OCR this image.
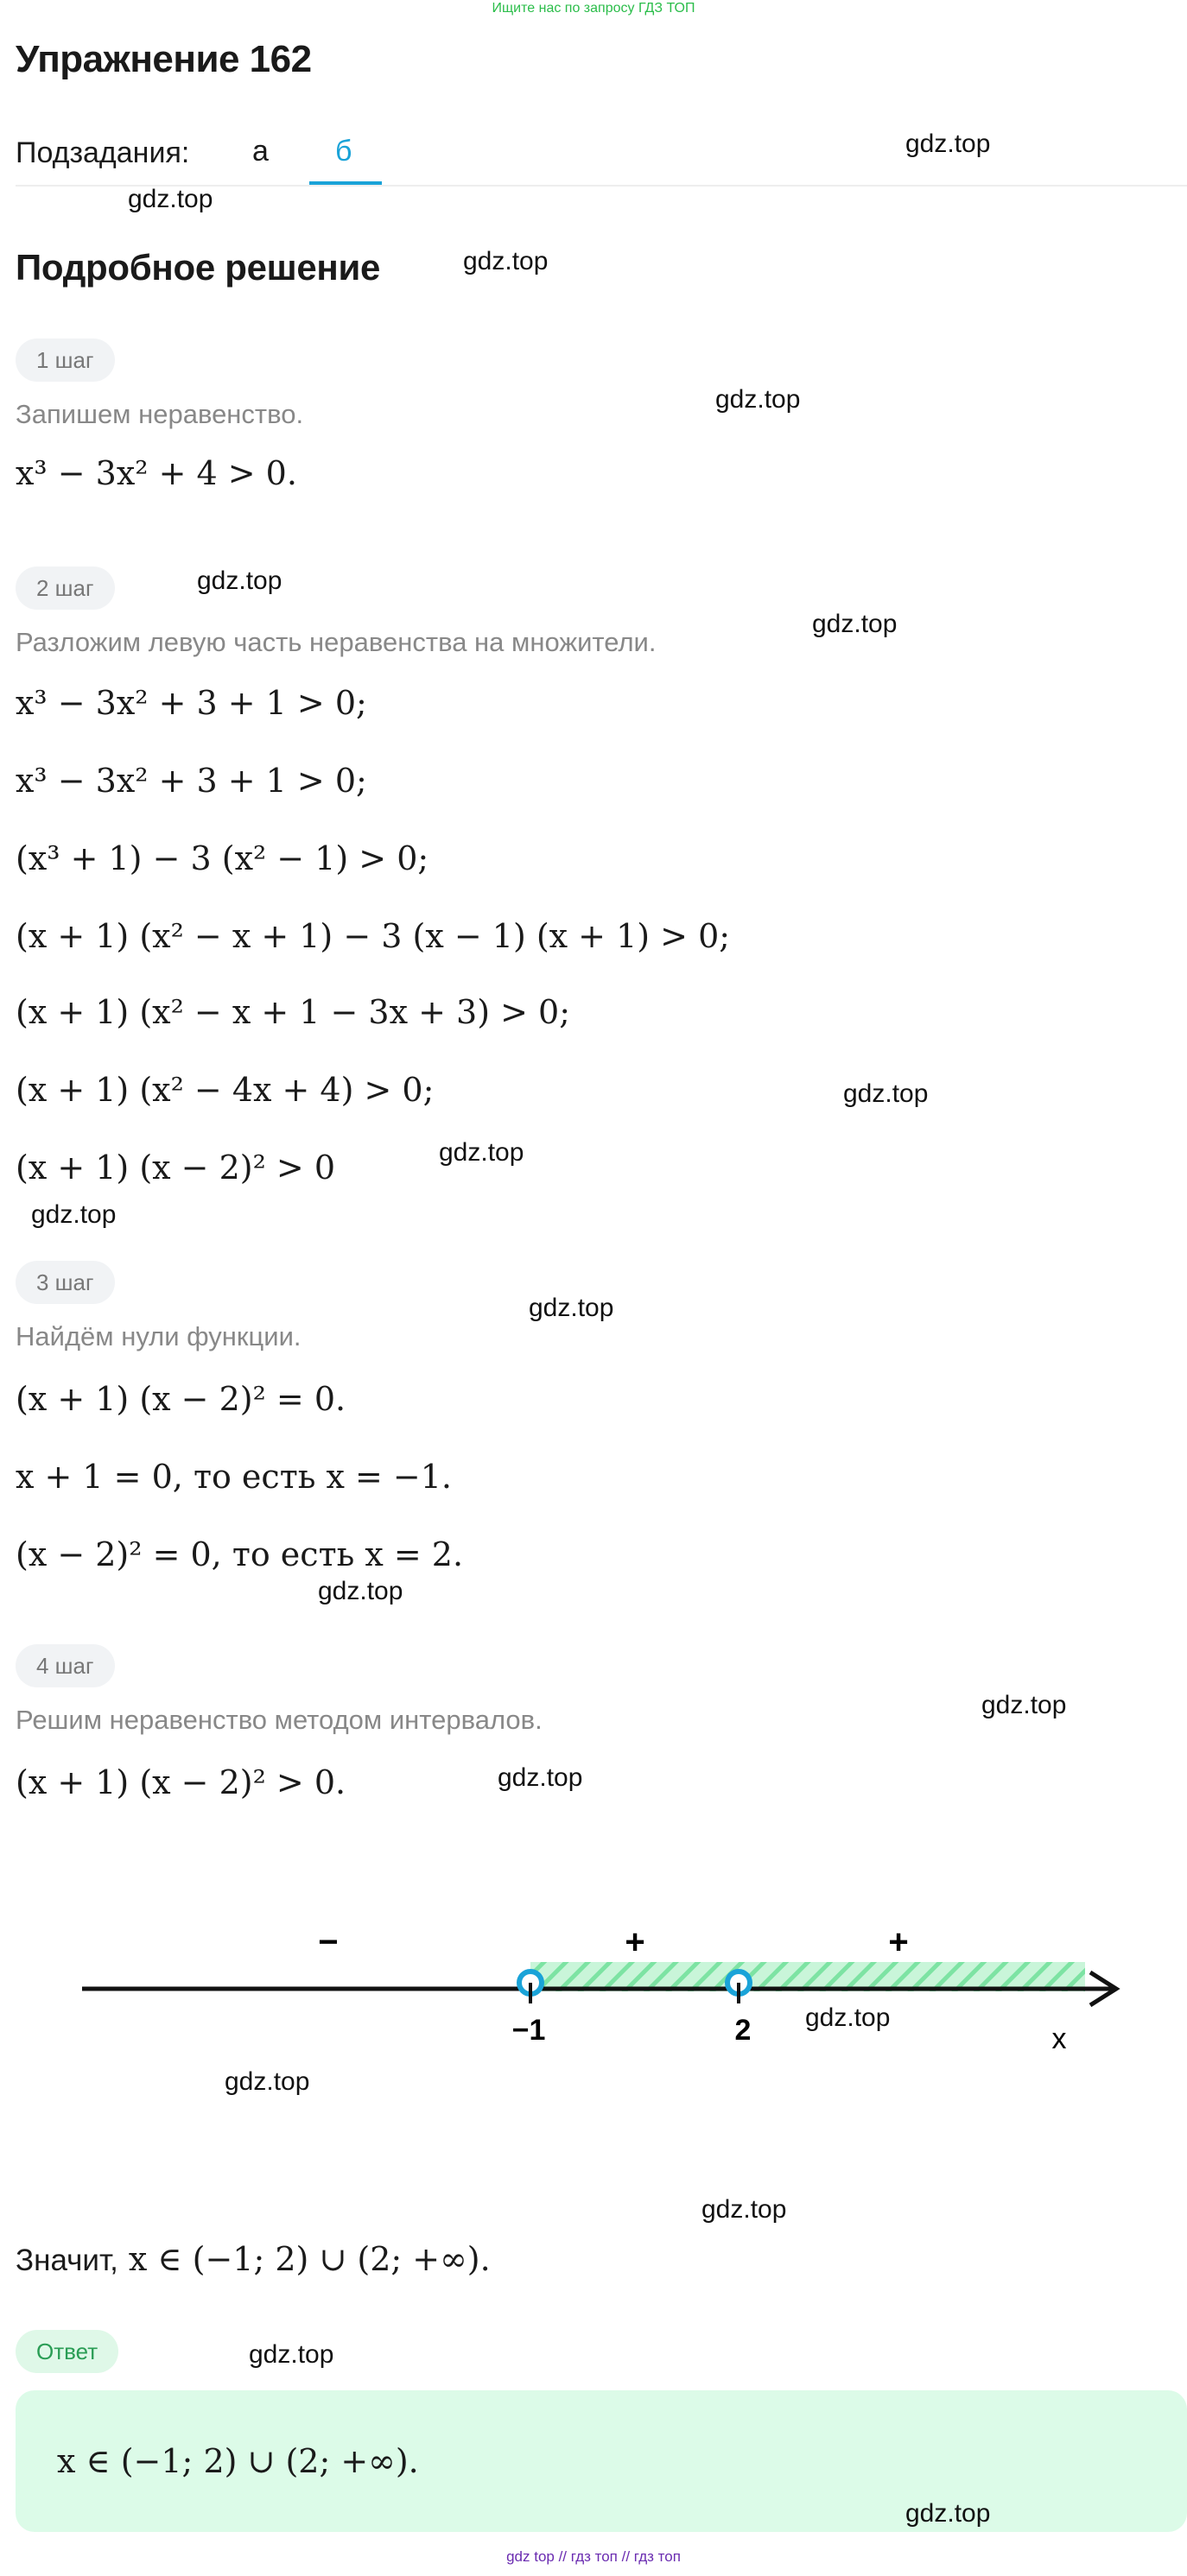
Ищите нас по запросу ГДЗ ТОП
Упражнение 162
Подзадания: а б
Подробное решение
1 шаг
Запишем неравенство.
x³ − 3x² + 4 > 0.
2 шаг
Разложим левую часть неравенства на множители.
x³ − 3x² + 3 + 1 > 0;
x³ − 3x² + 3 + 1 > 0;
(x³ + 1) − 3 (x² − 1) > 0;
(x + 1) (x² − x + 1) − 3 (x − 1) (x + 1) > 0;
(x + 1) (x² − x + 1 − 3x + 3) > 0;
(x + 1) (x² − 4x + 4) > 0;
(x + 1) (x − 2)² > 0
3 шаг
Найдём нули функции.
(x + 1) (x − 2)² = 0.
x + 1 = 0, то есть x = −1.
(x − 2)² = 0, то есть x = 2.
4 шаг
Решим неравенство методом интервалов.
(x + 1) (x − 2)² > 0.
−	+	+
−1	2	x
Значит, x ∈ (−1; 2) ∪ (2; +∞).
Ответ
x ∈ (−1; 2) ∪ (2; +∞).
gdz.top
gdz.top
gdz.top
gdz.top
gdz.top
gdz.top
gdz.top
gdz.top
gdz.top
gdz.top
gdz.top
gdz.top
gdz.top
gdz.top
gdz.top
gdz.top
gdz.top
gdz.top
gdz top // гдз топ // гдз топ
